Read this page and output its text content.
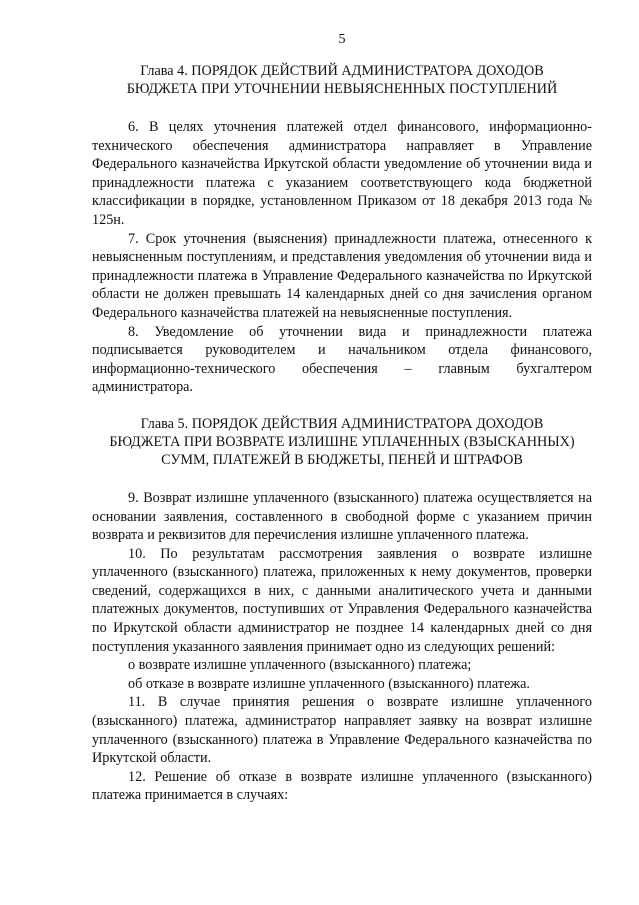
5
Глава 4. ПОРЯДОК ДЕЙСТВИЙ АДМИНИСТРАТОРА ДОХОДОВ
БЮДЖЕТА ПРИ УТОЧНЕНИИ НЕВЫЯСНЕННЫХ ПОСТУПЛЕНИЙ

6. В целях уточнения платежей отдел финансового, информационно-технического обеспечения администратора направляет в Управление Федерального казначейства Иркутской области уведомление об уточнении вида и принадлежности платежа с указанием соответствующего кода бюджетной классификации в порядке, установленном Приказом от 18 декабря 2013 года № 125н.

7. Срок уточнения (выяснения) принадлежности платежа, отнесенного к невыясненным поступлениям, и представления уведомления об уточнении вида и принадлежности платежа в Управление Федерального казначейства по Иркутской области не должен превышать 14 календарных дней со дня зачисления органом Федерального казначейства платежей на невыясненные поступления.

8. Уведомление об уточнении вида и принадлежности платежа подписывается руководителем и начальником отдела финансового, информационно-технического обеспечения – главным бухгалтером администратора.

Глава 5. ПОРЯДОК ДЕЙСТВИЯ АДМИНИСТРАТОРА ДОХОДОВ
БЮДЖЕТА ПРИ ВОЗВРАТЕ ИЗЛИШНЕ УПЛАЧЕННЫХ (ВЗЫСКАННЫХ)
СУММ, ПЛАТЕЖЕЙ В БЮДЖЕТЫ, ПЕНЕЙ И ШТРАФОВ

9. Возврат излишне уплаченного (взысканного) платежа осуществляется на основании заявления, составленного в свободной форме с указанием причин возврата и реквизитов для перечисления излишне уплаченного платежа.

10. По результатам рассмотрения заявления о возврате излишне уплаченного (взысканного) платежа, приложенных к нему документов, проверки сведений, содержащихся в них, с данными аналитического учета и данными платежных документов, поступивших от Управления Федерального казначейства по Иркутской области администратор не позднее 14 календарных дней со дня поступления указанного заявления принимает одно из следующих решений:

о возврате излишне уплаченного (взысканного) платежа;

об отказе в возврате излишне уплаченного (взысканного) платежа.

11. В случае принятия решения о возврате излишне уплаченного (взысканного) платежа, администратор направляет заявку на возврат излишне уплаченного (взысканного) платежа в Управление Федерального казначейства по Иркутской области.

12. Решение об отказе в возврате излишне уплаченного (взысканного) платежа принимается в случаях:
